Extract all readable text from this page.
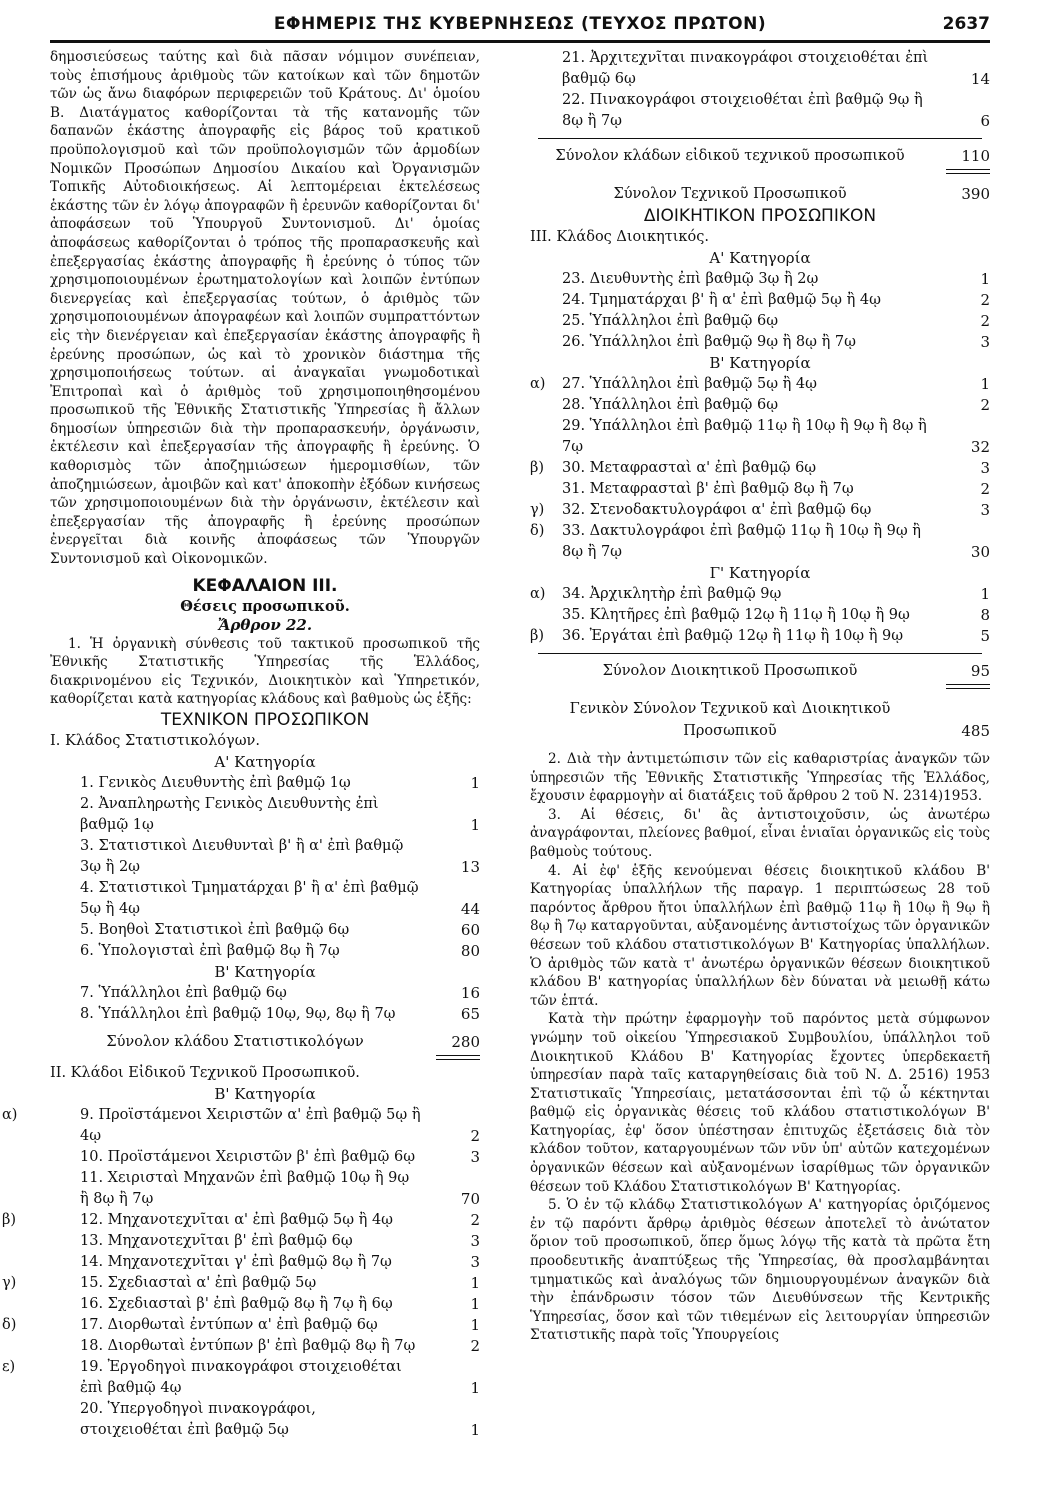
ΕΦΗΜΕΡΙΣ ΤΗΣ ΚΥΒΕΡΝΗΣΕΩΣ (ΤΕΥΧΟΣ ΠΡΩΤΟΝ)	2637

δημοσιεύσεως ταύτης καὶ διὰ πᾶσαν νόμιμον συνέπειαν, τοὺς ἐπισήμους ἀριθμοὺς τῶν κατοίκων καὶ τῶν δημοτῶν τῶν ὡς ἄνω διαφόρων περιφερειῶν τοῦ Κράτους. Δι' ὁμοίου Β. Διατάγματος καθορίζονται τὰ τῆς κατανομῆς τῶν δαπανῶν ἑκάστης ἀπογραφῆς εἰς βάρος τοῦ κρατικοῦ προϋπολογισμοῦ καὶ τῶν προϋπολογισμῶν τῶν ἁρμοδίων Νομικῶν Προσώπων Δημοσίου Δικαίου καὶ Ὀργανισμῶν Τοπικῆς Αὐτοδιοικήσεως. Αἱ λεπτομέρειαι ἐκτελέσεως ἑκάστης τῶν ἐν λόγῳ ἀπογραφῶν ἢ ἐρευνῶν καθορίζονται δι' ἀποφάσεων τοῦ Ὑπουργοῦ Συντονισμοῦ. Δι' ὁμοίας ἀποφάσεως καθορίζονται ὁ τρόπος τῆς προπαρασκευῆς καὶ ἐπεξεργασίας ἑκάστης ἀπογραφῆς ἢ ἐρεύνης ὁ τύπος τῶν χρησιμοποιουμένων ἐρωτηματολογίων καὶ λοιπῶν ἐντύπων διενεργείας καὶ ἐπεξεργασίας τούτων, ὁ ἀριθμὸς τῶν χρησιμοποιουμένων ἀπογραφέων καὶ λοιπῶν συμπραττόντων εἰς τὴν διενέργειαν καὶ ἐπεξεργασίαν ἑκάστης ἀπογραφῆς ἢ ἐρεύνης προσώπων, ὡς καὶ τὸ χρονικὸν διάστημα τῆς χρησιμοποιήσεως τούτων. αἱ ἀναγκαῖαι γνωμοδοτικαὶ Ἐπιτροπαὶ καὶ ὁ ἀριθμὸς τοῦ χρησιμοποιηθησομένου προσωπικοῦ τῆς Ἐθνικῆς Στατιστικῆς Ὑπηρεσίας ἢ ἄλλων δημοσίων ὑπηρεσιῶν διὰ τὴν προπαρασκευήν, ὀργάνωσιν, ἐκτέλεσιν καὶ ἐπεξεργασίαν τῆς ἀπογραφῆς ἢ ἐρεύνης. Ὁ καθορισμὸς τῶν ἀποζημιώσεων ἡμερομισθίων, τῶν ἀποζημιώσεων, ἀμοιβῶν καὶ κατ' ἀποκοπὴν ἐξόδων κινήσεως τῶν χρησιμοποιουμένων διὰ τὴν ὀργάνωσιν, ἐκτέλεσιν καὶ ἐπεξεργασίαν τῆς ἀπογραφῆς ἢ ἐρεύνης προσώπων ἐνεργεῖται διὰ κοινῆς ἀποφάσεως τῶν Ὑπουργῶν Συντονισμοῦ καὶ Οἰκονομικῶν.

ΚΕΦΑΛΑΙΟΝ ΙΙΙ.

Θέσεις προσωπικοῦ.

Ἄρθρον 22.

1. Ἡ ὀργανικὴ σύνθεσις τοῦ τακτικοῦ προσωπικοῦ τῆς Ἐθνικῆς Στατιστικῆς Ὑπηρεσίας τῆς Ἑλλάδος, διακρινομένου εἰς Τεχνικόν, Διοικητικὸν καὶ Ὑπηρετικόν, καθορίζεται κατὰ κατηγορίας κλάδους καὶ βαθμοὺς ὡς ἑξῆς:

ΤΕΧΝΙΚΟΝ ΠΡΟΣΩΠΙΚΟΝ

Ι. Κλάδος Στατιστικολόγων.

Α' Κατηγορία

1. Γενικὸς Διευθυντὴς ἐπὶ βαθμῷ 1ῳ	1
2. Ἀναπληρωτὴς Γενικὸς Διευθυντὴς ἐπὶ βαθμῷ 1ῳ	1
3. Στατιστικοὶ Διευθυνταὶ β' ἢ α' ἐπὶ βαθμῷ 3ῳ ἢ 2ῳ	13
4. Στατιστικοὶ Τμηματάρχαι β' ἢ α' ἐπὶ βαθμῷ 5ῳ ἢ 4ῳ	44
5. Βοηθοὶ Στατιστικοὶ ἐπὶ βαθμῷ 6ῳ	60
6. Ὑπολογισταὶ ἐπὶ βαθμῷ 8ῳ ἢ 7ῳ	80

Β' Κατηγορία

7. Ὑπάλληλοι ἐπὶ βαθμῷ 6ῳ	16
8. Ὑπάλληλοι ἐπὶ βαθμῷ 10ῳ, 9ῳ, 8ῳ ἢ 7ῳ	65
Σύνολον κλάδου Στατιστικολόγων	280

ΙΙ. Κλάδοι Εἰδικοῦ Τεχνικοῦ Προσωπικοῦ.

Β' Κατηγορία

α)	9. Προϊστάμενοι Χειριστῶν α' ἐπὶ βαθμῷ 5ῳ ἢ 4ῳ	2
10. Προϊστάμενοι Χειριστῶν β' ἐπὶ βαθμῷ 6ῳ	3
11. Χειρισταὶ Μηχανῶν ἐπὶ βαθμῷ 10ῳ ἢ 9ῳ ἢ 8ῳ ἢ 7ῳ	70
β)	12. Μηχανοτεχνῖται α' ἐπὶ βαθμῷ 5ῳ ἢ 4ῳ	2
13. Μηχανοτεχνῖται β' ἐπὶ βαθμῷ 6ῳ	3
14. Μηχανοτεχνῖται γ' ἐπὶ βαθμῷ 8ῳ ἢ 7ῳ	3
γ)	15. Σχεδιασταὶ α' ἐπὶ βαθμῷ 5ῳ	1
16. Σχεδιασταὶ β' ἐπὶ βαθμῷ 8ῳ ἢ 7ῳ ἢ 6ῳ	1
δ)	17. Διορθωταὶ ἐντύπων α' ἐπὶ βαθμῷ 6ῳ	1
18. Διορθωταὶ ἐντύπων β' ἐπὶ βαθμῷ 8ῳ ἢ 7ῳ	2
ε)	19. Ἐργοδηγοὶ πινακογράφοι στοιχειοθέται ἐπὶ βαθμῷ 4ῳ	1
20. Ὑπεργοδηγοὶ πινακογράφοι, στοιχειοθέται ἐπὶ βαθμῷ 5ῳ	1
21. Ἀρχιτεχνῖται πινακογράφοι στοιχειοθέται ἐπὶ βαθμῷ 6ῳ	14
22. Πινακογράφοι στοιχειοθέται ἐπὶ βαθμῷ 9ῳ ἢ 8ῳ ἢ 7ῳ	6
Σύνολον κλάδων εἰδικοῦ τεχνικοῦ προσωπικοῦ	110
Σύνολον Τεχνικοῦ Προσωπικοῦ	390

ΔΙΟΙΚΗΤΙΚΟΝ ΠΡΟΣΩΠΙΚΟΝ

ΙΙΙ. Κλάδος Διοικητικός.

Α' Κατηγορία

23. Διευθυντὴς ἐπὶ βαθμῷ 3ῳ ἢ 2ῳ	1
24. Τμηματάρχαι β' ἢ α' ἐπὶ βαθμῷ 5ῳ ἢ 4ῳ	2
25. Ὑπάλληλοι ἐπὶ βαθμῷ 6ῳ	2
26. Ὑπάλληλοι ἐπὶ βαθμῷ 9ῳ ἢ 8ῳ ἢ 7ῳ	3

Β' Κατηγορία

α)	27. Ὑπάλληλοι ἐπὶ βαθμῷ 5ῳ ἢ 4ῳ	1
28. Ὑπάλληλοι ἐπὶ βαθμῷ 6ῳ	2
29. Ὑπάλληλοι ἐπὶ βαθμῷ 11ῳ ἢ 10ῳ ἢ 9ῳ ἢ 8ῳ ἢ 7ῳ	32
β)	30. Μεταφρασταὶ α' ἐπὶ βαθμῷ 6ῳ	3
31. Μεταφρασταὶ β' ἐπὶ βαθμῷ 8ῳ ἢ 7ῳ	2
γ)	32. Στενοδακτυλογράφοι α' ἐπὶ βαθμῷ 6ῳ	3
δ)	33. Δακτυλογράφοι ἐπὶ βαθμῷ 11ῳ ἢ 10ῳ ἢ 9ῳ ἢ 8ῳ ἢ 7ῳ	30

Γ' Κατηγορία

α)	34. Ἀρχικλητὴρ ἐπὶ βαθμῷ 9ῳ	1
35. Κλητῆρες ἐπὶ βαθμῷ 12ῳ ἢ 11ῳ ἢ 10ῳ ἢ 9ῳ	8
β)	36. Ἐργάται ἐπὶ βαθμῷ 12ῳ ἢ 11ῳ ἢ 10ῳ ἢ 9ῳ	5
Σύνολον Διοικητικοῦ Προσωπικοῦ	95
Γενικὸν Σύνολον Τεχνικοῦ καὶ Διοικητικοῦ Προσωπικοῦ	485

2. Διὰ τὴν ἀντιμετώπισιν τῶν εἰς καθαριστρίας ἀναγκῶν τῶν ὑπηρεσιῶν τῆς Ἐθνικῆς Στατιστικῆς Ὑπηρεσίας τῆς Ἑλλάδος, ἔχουσιν ἐφαρμογὴν αἱ διατάξεις τοῦ ἄρθρου 2 τοῦ Ν. 2314)1953.

3. Αἱ θέσεις, δι' ἃς ἀντιστοιχοῦσιν, ὡς ἀνωτέρω ἀναγράφονται, πλείονες βαθμοί, εἶναι ἑνιαῖαι ὀργανικῶς εἰς τοὺς βαθμοὺς τούτους.

4. Αἱ ἐφ' ἑξῆς κενούμεναι θέσεις διοικητικοῦ κλάδου Β' Κατηγορίας ὑπαλλήλων τῆς παραγρ. 1 περιπτώσεως 28 τοῦ παρόντος ἄρθρου ἤτοι ὑπαλλήλων ἐπὶ βαθμῷ 11ῳ ἢ 10ῳ ἢ 9ῳ ἢ 8ῳ ἢ 7ῳ καταργοῦνται, αὐξανομένης ἀντιστοίχως τῶν ὀργανικῶν θέσεων τοῦ κλάδου στατιστικολόγων Β' Κατηγορίας ὑπαλλήλων. Ὁ ἀριθμὸς τῶν κατὰ τ' ἀνωτέρω ὀργανικῶν θέσεων διοικητικοῦ κλάδου Β' κατηγορίας ὑπαλλήλων δὲν δύναται νὰ μειωθῇ κάτω τῶν ἑπτά.

Κατὰ τὴν πρώτην ἐφαρμογὴν τοῦ παρόντος μετὰ σύμφωνον γνώμην τοῦ οἰκείου Ὑπηρεσιακοῦ Συμβουλίου, ὑπάλληλοι τοῦ Διοικητικοῦ Κλάδου Β' Κατηγορίας ἔχοντες ὑπερδεκαετῆ ὑπηρεσίαν παρὰ ταῖς καταργηθείσαις διὰ τοῦ Ν. Δ. 2516) 1953 Στατιστικαῖς Ὑπηρεσίαις, μετατάσσονται ἐπὶ τῷ ὦ κέκτηνται βαθμῷ εἰς ὀργανικὰς θέσεις τοῦ κλάδου στατιστικολόγων Β' Κατηγορίας, ἐφ' ὅσον ὑπέστησαν ἐπιτυχῶς ἐξετάσεις διὰ τὸν κλάδον τοῦτον, καταργουμένων τῶν νῦν ὑπ' αὐτῶν κατεχομένων ὀργανικῶν θέσεων καὶ αὐξανομένων ἰσαρίθμως τῶν ὀργανικῶν θέσεων τοῦ Κλάδου Στατιστικολόγων Β' Κατηγορίας.

5. Ὁ ἐν τῷ κλάδῳ Στατιστικολόγων Α' κατηγορίας ὁριζόμενος ἐν τῷ παρόντι ἄρθρῳ ἀριθμὸς θέσεων ἀποτελεῖ τὸ ἀνώτατον ὅριον τοῦ προσωπικοῦ, ὅπερ ὅμως λόγῳ τῆς κατὰ τὰ πρῶτα ἔτη προοδευτικῆς ἀναπτύξεως τῆς Ὑπηρεσίας, θὰ προσλαμβάνηται τμηματικῶς καὶ ἀναλόγως τῶν δημιουργουμένων ἀναγκῶν διὰ τὴν ἐπάνδρωσιν τόσον τῶν Διευθύνσεων τῆς Κεντρικῆς Ὑπηρεσίας, ὅσον καὶ τῶν τιθεμένων εἰς λειτουργίαν ὑπηρεσιῶν Στατιστικῆς παρὰ τοῖς Ὑπουργείοις
